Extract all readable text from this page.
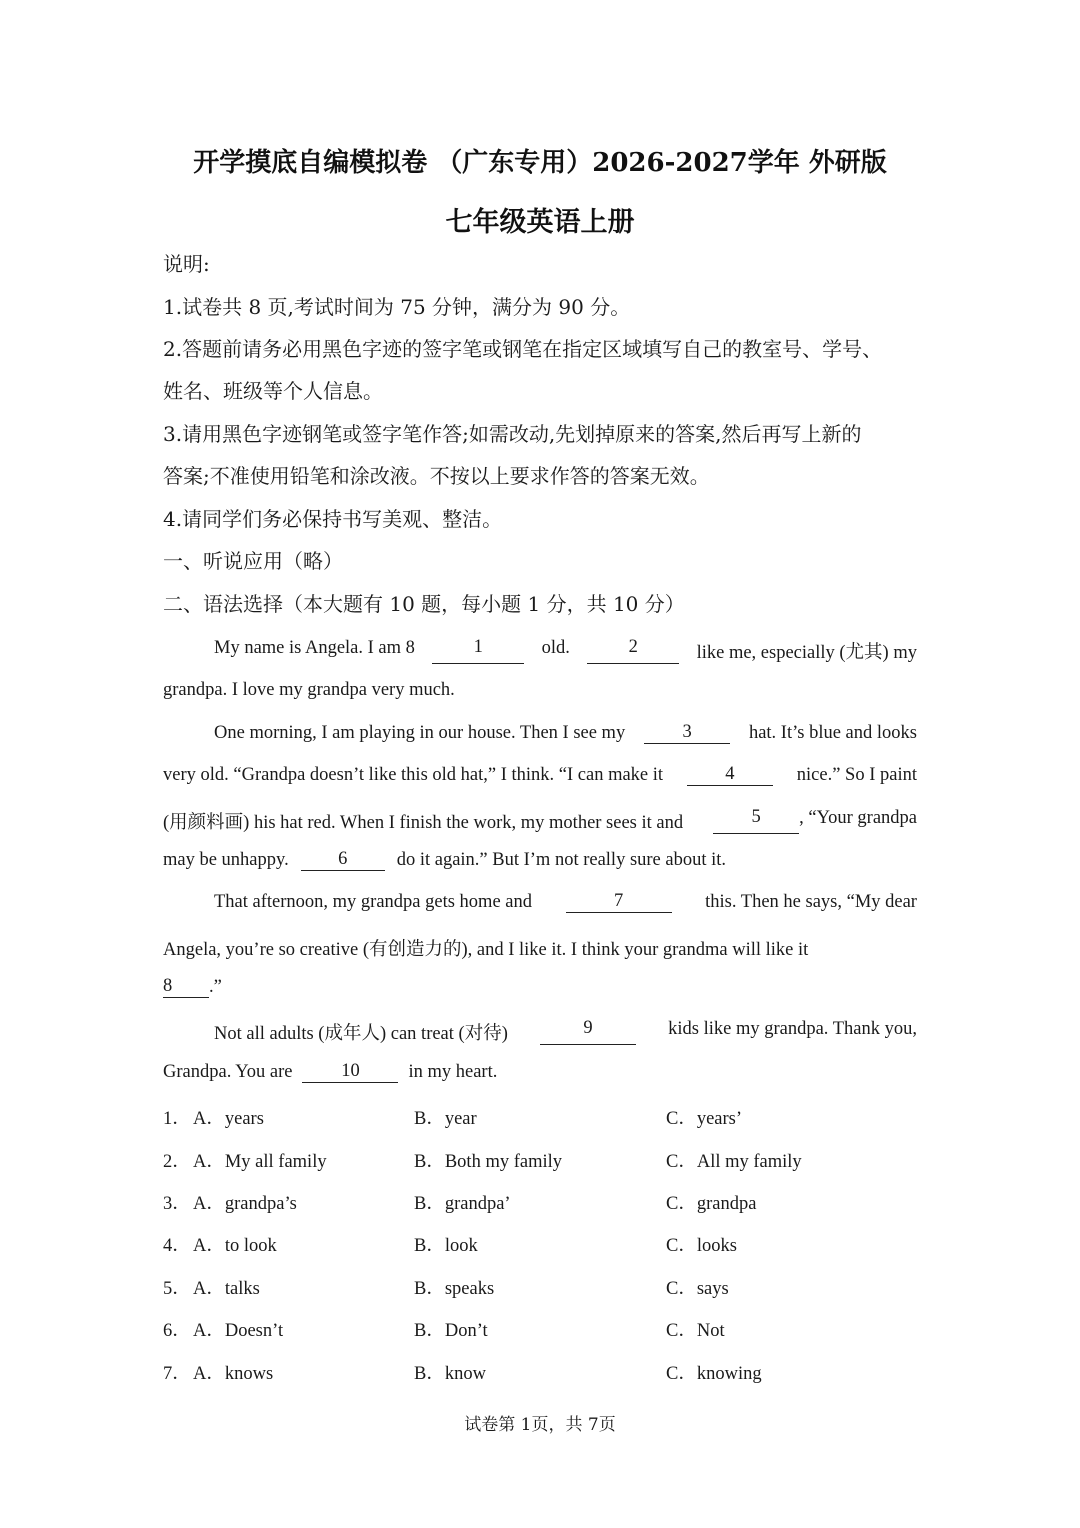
开学摸底自编模拟卷 （广东专用）2026-2027学年 外研版
七年级英语上册
说明:
1.试卷共 8 页,考试时间为 75 分钟，满分为 90 分。
2.答题前请务必用黑色字迹的签字笔或钢笔在指定区域填写自己的教室号、学号、
姓名、班级等个人信息。
3.请用黑色字迹钢笔或签字笔作答;如需改动,先划掉原来的答案,然后再写上新的
答案;不准使用铅笔和涂改液。不按以上要求作答的答案无效。
4.请同学们务必保持书写美观、整洁。
一、听说应用（略）
二、语法选择（本大题有 10 题，每小题 1 分，共 10 分）
My name is Angela. I am 8	1	old.	2	like me, especially (尤其) my
grandpa. I love my grandpa very much.
One morning, I am playing in our house. Then I see my	3	hat. It’s blue and looks
very old. “Grandpa doesn’t like this old hat,” I think. “I can make it	4	nice.” So I paint
(用颜料画) his hat red. When I finish the work, my mother sees it and	5	, “Your grandpa
may be unhappy.	6	do it again.” But I’m not really sure about it.
That afternoon, my grandpa gets home and	7	this. Then he says, “My dear
Angela, you’re so creative (有创造力的), and I like it. I think your grandma will like it
8	.”
Not all adults (成年人) can treat (对待)	9	kids like my grandpa. Thank you,
Grandpa. You are	10	in my heart.
1． A．years	B．year	C．years’
2． A．My all family	B．Both my family	C．All my family
3． A．grandpa’s	B．grandpa’	C．grandpa
4． A．to look	B．look	C．looks
5． A．talks	B．speaks	C．says
6． A．Doesn’t	B．Don’t	C．Not
7． A．knows	B．know	C．knowing
试卷第 1页，共 7页
